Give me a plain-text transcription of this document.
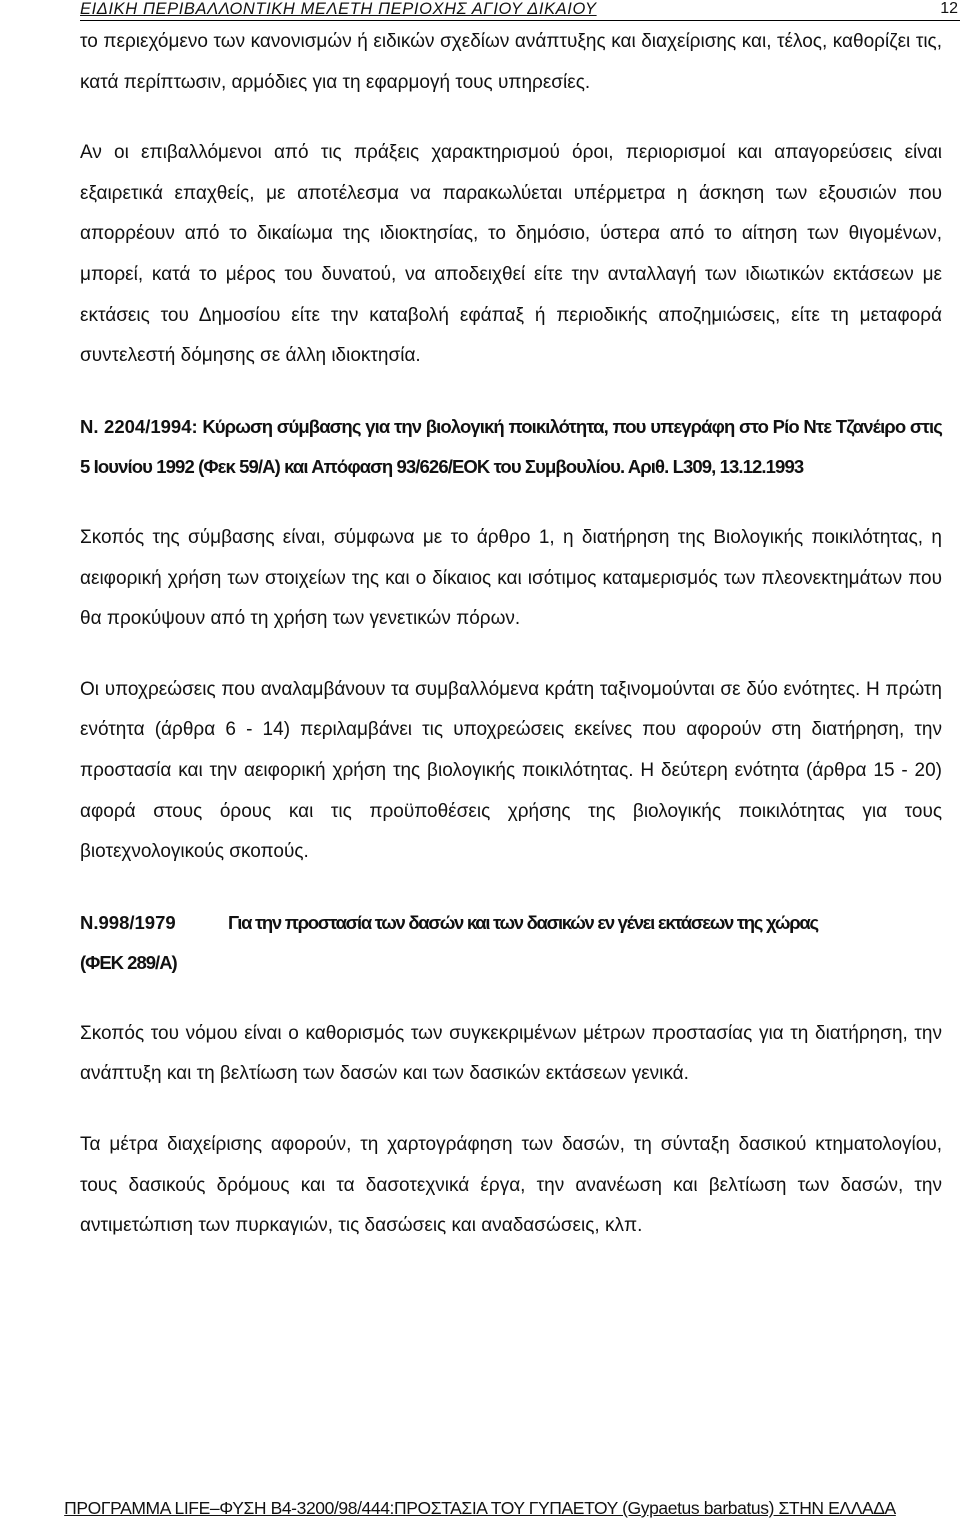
ΕΙΔΙΚΗ ΠΕΡΙΒΑΛΛΟΝΤΙΚΗ ΜΕΛΕΤΗ ΠΕΡΙΟΧΗΣ ΑΓΙΟΥ ΔΙΚΑΙΟΥ	12

το περιεχόμενο των κανονισμών ή ειδικών σχεδίων ανάπτυξης και διαχείρισης και, τέλος, καθορίζει τις, κατά περίπτωσιν, αρμόδιες για τη εφαρμογή τους υπηρεσίες.

Αν οι επιβαλλόμενοι από τις πράξεις χαρακτηρισμού όροι, περιορισμοί και απαγορεύσεις είναι εξαιρετικά επαχθείς, με αποτέλεσμα να παρακωλύεται υπέρμετρα η άσκηση των εξουσιών που απορρέουν από το δικαίωμα της ιδιοκτησίας, το δημόσιο, ύστερα από το αίτηση των θιγομένων, μπορεί, κατά το μέρος του δυνατού, να αποδειχθεί είτε την ανταλλαγή των ιδιωτικών εκτάσεων με εκτάσεις του Δημοσίου είτε την καταβολή εφάπαξ ή περιοδικής αποζημιώσεις, είτε τη μεταφορά συντελεστή δόμησης σε άλλη ιδιοκτησία.

Ν. 2204/1994: Κύρωση σύμβασης για την βιολογική ποικιλότητα, που υπεγράφη στο Ρίο Ντε Τζανέιρο στις 5 Ιουνίου 1992 (Φεκ 59/Α) και Απόφαση 93/626/ΕΟΚ του Συμβουλίου. Αριθ. L309, 13.12.1993

Σκοπός της σύμβασης είναι, σύμφωνα με το άρθρο 1, η διατήρηση της Βιολογικής ποικιλότητας, η αειφορική χρήση των στοιχείων της και ο δίκαιος και ισότιμος καταμερισμός των πλεονεκτημάτων που θα προκύψουν από τη χρήση των γενετικών πόρων.

Οι υποχρεώσεις που αναλαμβάνουν τα συμβαλλόμενα κράτη ταξινομούνται σε δύο ενότητες. Η πρώτη ενότητα (άρθρα 6 - 14) περιλαμβάνει τις υποχρεώσεις εκείνες που αφορούν στη διατήρηση, την προστασία και την αειφορική χρήση της βιολογικής ποικιλότητας. Η δεύτερη ενότητα (άρθρα 15 - 20) αφορά στους όρους και τις προϋποθέσεις χρήσης της βιολογικής ποικιλότητας για τους βιοτεχνολογικούς σκοπούς.

Ν.998/1979	Για την προστασία των δασών και των δασικών εν γένει εκτάσεων της χώρας
(ΦΕΚ 289/Α)

Σκοπός του νόμου είναι ο καθορισμός των συγκεκριμένων μέτρων προστασίας για τη διατήρηση, την ανάπτυξη και τη βελτίωση των δασών και των δασικών εκτάσεων γενικά.

Τα μέτρα διαχείρισης αφορούν, τη χαρτογράφηση των δασών, τη σύνταξη δασικού κτηματολογίου, τους δασικούς δρόμους και τα δασοτεχνικά έργα, την ανανέωση και βελτίωση των δασών, την αντιμετώπιση των πυρκαγιών, τις δασώσεις και αναδασώσεις, κλπ.

ΠΡΟΓΡΑΜΜΑ LIFE–ΦΥΣΗ Β4-3200/98/444:ΠΡΟΣΤΑΣΙΑ ΤΟΥ ΓΥΠΑΕΤΟΥ (Gypaetus barbatus) ΣΤΗΝ ΕΛΛΑΔΑ
